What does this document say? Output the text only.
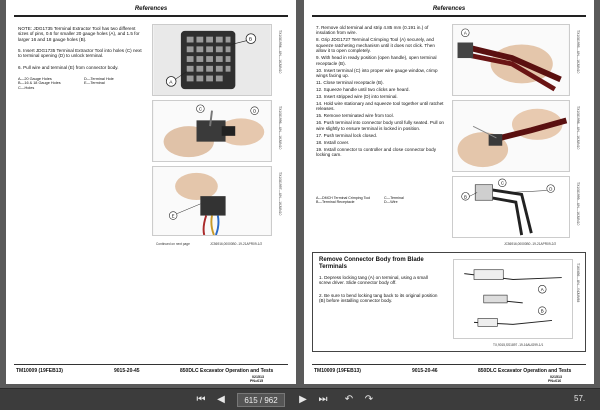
References
NOTE: JDG1735 Terminal Extractor Tool has two different sizes of pins, 0.6 for smaller 20 gauge holes (A), and 1.5 for larger 16 and 18 gauge holes (B).
5. Insert JDG1735 Terminal Extractor Tool into holes (C) next to terminal opening (D) to unlock terminal.
6. Pull wire and terminal (E) from connector body.
A—20 Gauge Holes
B—16 & 18 Gauge Holes
C—Holes
D—Terminal Hole
E—Terminal	A
B	TX1081994—UN—16JUN10
C	D	TX1081996—UN—16JUN10
E
TX1081997—UN—16JUN10
Continued on next page	JC56916,00000B0 -19-21APR09-1/2
TM10009 (19FEB13)	9015-20-45	850DLC Excavator Operation and Tests
021513
PN=615
References
7. Remove old terminal and strip 4.85 mm (0.191 in.) of insulation from wire.
8. Grip JDG1727 Terminal Crimping Tool (A) securely, and squeeze ratcheting mechanism until it does not click. Then allow it to open completely.
9. With head in ready position (open handle), open terminal receptacle (B).
10. Insert terminal (C) into proper wire gauge window, crimp wings facing up.
11. Close terminal receptacle (B).
12. Squeeze handle until two clicks are heard.
13. Insert stripped wire (D) into terminal.
14. Hold wire stationary and squeeze tool together until ratchet releases.
15. Remove terminated wire from tool.
16. Push terminal into connector body until fully seated. Pull on wire slightly to ensure terminal is locked in position.
17. Push terminal lock closed.
18. Install cover.
19. Install connector to controller and close connector body locking cam.
A—DMCH Terminal Crimping Tool
B—Terminal Receptacle
C—Terminal
D—Wire
A	TX1081995—UN—16JUN10
TX1081998—UN—16JUN10
B
C
D	TX1081999—UN—16JUN10
JC56916,00000B0 -19-21APR09-2/2
Remove Connector Body from Blade Terminals
1. Depress locking tang (A) on terminal, using a small screw driver. Slide connector body off.
2. Be sure to bend locking tang back to its original position (B) before installing connector body.
A
B
T160456—UN—04JUN98
TX,9015,SS1897 -19-16AUG99-1/1
TM10009 (19FEB13)	9015-20-46	850DLC Excavator Operation and Tests
021513
PN=616
⏮	◀
615 / 962	▶	⏭ ↶ ↷	57.
